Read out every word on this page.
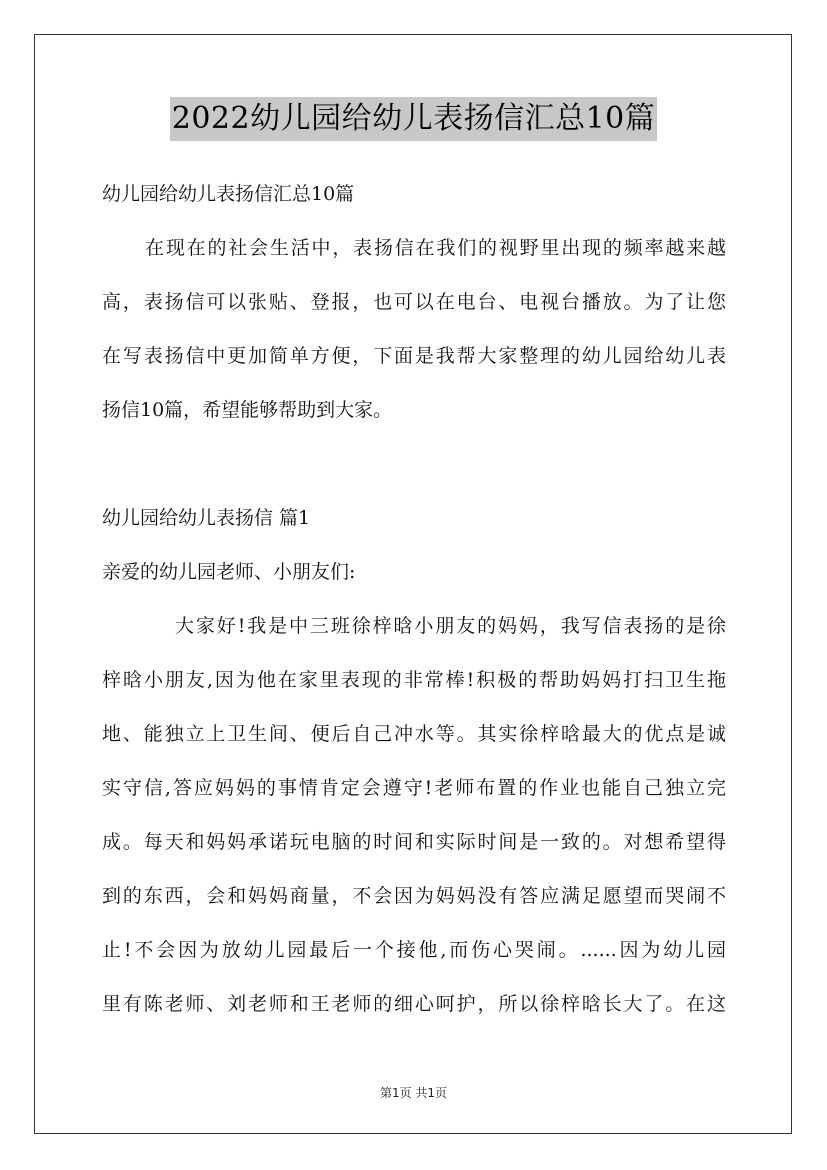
2022幼儿园给幼儿表扬信汇总10篇
幼儿园给幼儿表扬信汇总10篇
在现在的社会生活中，表扬信在我们的视野里出现的频率越来越
高，表扬信可以张贴、登报，也可以在电台、电视台播放。为了让您
在写表扬信中更加简单方便，下面是我帮大家整理的幼儿园给幼儿表
扬信10篇，希望能够帮助到大家。
幼儿园给幼儿表扬信 篇1
亲爱的幼儿园老师、小朋友们:
大家好!我是中三班徐梓晗小朋友的妈妈，我写信表扬的是徐
梓晗小朋友,因为他在家里表现的非常棒!积极的帮助妈妈打扫卫生拖
地、能独立上卫生间、便后自己冲水等。其实徐梓晗最大的优点是诚
实守信,答应妈妈的事情肯定会遵守!老师布置的作业也能自己独立完
成。每天和妈妈承诺玩电脑的时间和实际时间是一致的。对想希望得
到的东西，会和妈妈商量，不会因为妈妈没有答应满足愿望而哭闹不
止!不会因为放幼儿园最后一个接他,而伤心哭闹。......因为幼儿园
里有陈老师、刘老师和王老师的细心呵护，所以徐梓晗长大了。在这
第1页 共1页
